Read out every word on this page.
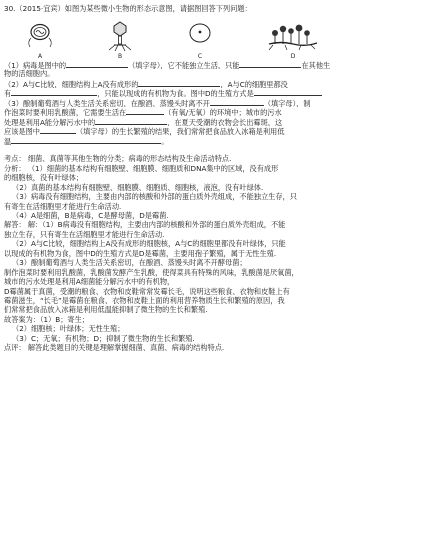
30.（2015·宜宾）如图为某些微小生物的形态示意图，请据图回答下列问题：
A	B	C	D
（1）病毒是图中的	（填字母），它不能独立生活，只能	在其他生
物的活细胞内。
（2）A与C比较，细胞结构上A没有成形的	，A与C的细胞里都没
有	，只能以现成的有机物为食。图中D的生殖方式是
（3）酿制葡萄酒与人类生活关系密切，在酿酒、蒸馒头时离不开	（填字母），制
作泡菜时要利用乳酸菌，它需要生活在	（有氧/无氧）的环境中；城市的污水
处理是利用A能分解污水中的	，在夏天受潮的衣物会长出霉斑，这
应该是图中	（填字母）的生长繁殖的结果，我们常常把食品放入冰箱是利用低
温	。
考点： 细菌、真菌等其他生物的分类；病毒的形态结构及生命活动特点.
分析： （1）细菌的基本结构有细胞壁、细胞膜、细胞质和DNA集中的区域，没有成形
的细胞核，没有叶绿体；
（2）真菌的基本结构有细胞壁、细胞膜、细胞质、细胞核，液泡，没有叶绿体.
（3）病毒没有细胞结构，主要由内部的核酸和外部的蛋白质外壳组成，不能独立生存，只
有寄生在活细胞里才能进行生命活动.
（4）A是细菌，B是病毒，C是酵母菌，D是霉菌.
解答： 解：（1）B病毒没有细胞结构，主要由内部的核酸和外部的蛋白质外壳组成，不能
独立生存，只有寄生在活细胞里才能进行生命活动.
（2）A与C比较，细胞结构上A没有成形的细胞核，A与C的细胞里都没有叶绿体，只能
以现成的有机物为食，图中D的生殖方式是D是霉菌，主要用孢子繁殖，属于无性生殖.
（3）酿制葡萄酒与人类生活关系密切，在酿酒、蒸馒头时离不开酵母菌；
制作泡菜时要利用乳酸菌，乳酸菌发酵产生乳酸，使得菜具有特殊的风味，乳酸菌是厌氧菌，
城市的污水处理是利用A细菌能分解污水中的有机物，
D霉菌属于真菌，受潮的粮食、衣物和皮鞋常常发霉长毛，说明这些粮食、衣物和皮鞋上有
霉菌滋生，“长毛”是霉菌在粮食、衣物和皮鞋上面的利用营养物质生长和繁殖的原因，我
们常常把食品放入冰箱是利用低温能抑制了微生物的生长和繁殖.
故答案为：（1）B；寄生；
（2）细胞核；叶绿体；无性生殖；
（3）C；无氧；有机物；D；抑制了微生物的生长和繁殖.
点评： 解答此类题目的关键是理解掌握细菌、真菌、病毒的结构特点.
